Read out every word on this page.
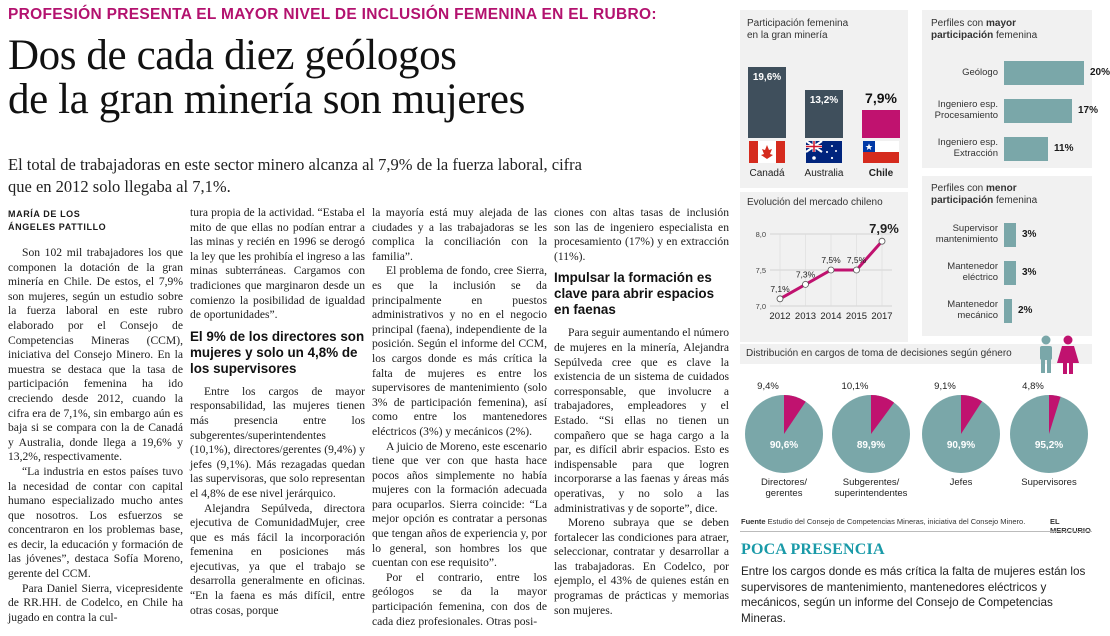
PROFESIÓN PRESENTA EL MAYOR NIVEL DE INCLUSIÓN FEMENINA EN EL RUBRO:
Dos de cada diez geólogos
de la gran minería son mujeres
El total de trabajadoras en este sector minero alcanza al 7,9% de la fuerza laboral, cifra que en 2012 solo llegaba al 7,1%.
MARÍA DE LOS
ÁNGELES PATTILLO

Son 102 mil trabajadores los que componen la dotación de la gran minería en Chile. De estos, el 7,9% son mujeres, según un estudio sobre la fuerza laboral en este rubro elaborado por el Consejo de Competencias Mineras (CCM), iniciativa del Consejo Minero. En la muestra se destaca que la tasa de participación femenina ha ido creciendo desde 2012, cuando la cifra era de 7,1%, sin embargo aún es baja si se compara con la de Canadá y Australia, donde llega a 19,6% y 13,2%, respectivamente.

“La industria en estos países tuvo la necesidad de contar con capital humano especializado mucho antes que nosotros. Los esfuerzos se concentraron en los problemas base, es decir, la educación y formación de las jóvenes”, destaca Sofía Moreno, gerente del CCM.

Para Daniel Sierra, vicepresidente de RR.HH. de Codelco, en Chile ha jugado en contra la cul-

tura propia de la actividad. “Estaba el mito de que ellas no podían entrar a las minas y recién en 1996 se derogó la ley que les prohibía el ingreso a las minas subterráneas. Cargamos con tradiciones que marginaron desde un comienzo la posibilidad de igualdad de oportunidades”.

El 9% de los directores son mujeres y solo un 4,8% de los supervisores

Entre los cargos de mayor responsabilidad, las mujeres tienen más presencia entre los subgerentes/superintendentes (10,1%), directores/gerentes (9,4%) y jefes (9,1%). Más rezagadas quedan las supervisoras, que solo representan el 4,8% de ese nivel jerárquico.

Alejandra Sepúlveda, directora ejecutiva de ComunidadMujer, cree que es más fácil la incorporación femenina en posiciones más ejecutivas, ya que el trabajo se desarrolla generalmente en oficinas. “En la faena es más difícil, entre otras cosas, porque

la mayoría está muy alejada de las ciudades y a las trabajadoras se les complica la conciliación con la familia”.

El problema de fondo, cree Sierra, es que la inclusión se da principalmente en puestos administrativos y no en el negocio principal (faena), independiente de la posición. Según el informe del CCM, los cargos donde es más crítica la falta de mujeres es entre los supervisores de mantenimiento (solo 3% de participación femenina), así como entre los mantenedores eléctricos (3%) y mecánicos (2%).

A juicio de Moreno, este escenario tiene que ver con que hasta hace pocos años simplemente no había mujeres con la formación adecuada para ocuparlos. Sierra coincide: “La mejor opción es contratar a personas que tengan años de experiencia y, por lo general, son hombres los que cuentan con ese requisito”.

Por el contrario, entre los geólogos se da la mayor participación femenina, con dos de cada diez profesionales. Otras posi-

ciones con altas tasas de inclusión son las de ingeniero especialista en procesamiento (17%) y en extracción (11%).

Impulsar la formación es clave para abrir espacios en faenas

Para seguir aumentando el número de mujeres en la minería, Alejandra Sepúlveda cree que es clave la existencia de un sistema de cuidados corresponsable, que involucre a trabajadores, empleadores y el Estado. “Si ellas no tienen un compañero que se haga cargo a la par, es difícil abrir espacios. Esto es indispensable para que logren incorporarse a las faenas y áreas más operativas, y no solo a las administrativas y de soporte”, dice.

Moreno subraya que se deben fortalecer las condiciones para atraer, seleccionar, contratar y desarrollar a las trabajadoras. En Codelco, por ejemplo, el 43% de quienes están en programas de prácticas y memorias son mujeres.

Participación femenina
en la gran minería
19,6%
Canadá
13,2%
Australia
7,9%
Chile
Perfiles con mayor
participación femenina
Geólogo	20%
Ingeniero esp.
Procesamiento	17%
Ingeniero esp.
Extracción	11%
Evolución del mercado chileno
7,0
7,5
8,0
7,1%
2012
7,3%
2013
7,5%
2014
7,5%
2015
7,9%
2017
Perfiles con menor
participación femenina
Supervisor
mantenimiento 3%
Mantenedor
eléctrico 3%
Mantenedor
mecánico 2%
Distribución en cargos de toma de decisiones según género
90,6%
9,4%
Directores/
gerentes
89,9%
10,1%
Subgerentes/
superintendentes
90,9%
9,1%
Jefes
95,2%
4,8%
Supervisores
Fuente Estudio del Consejo de Competencias Mineras, iniciativa del Consejo Minero.	EL
POCA PRESENCIA
Entre los cargos donde es más crítica la falta de mujeres están los supervisores de mantenimiento, mantenedores eléctricos y mecánicos, según un informe del Consejo de Competencias Mineras.
